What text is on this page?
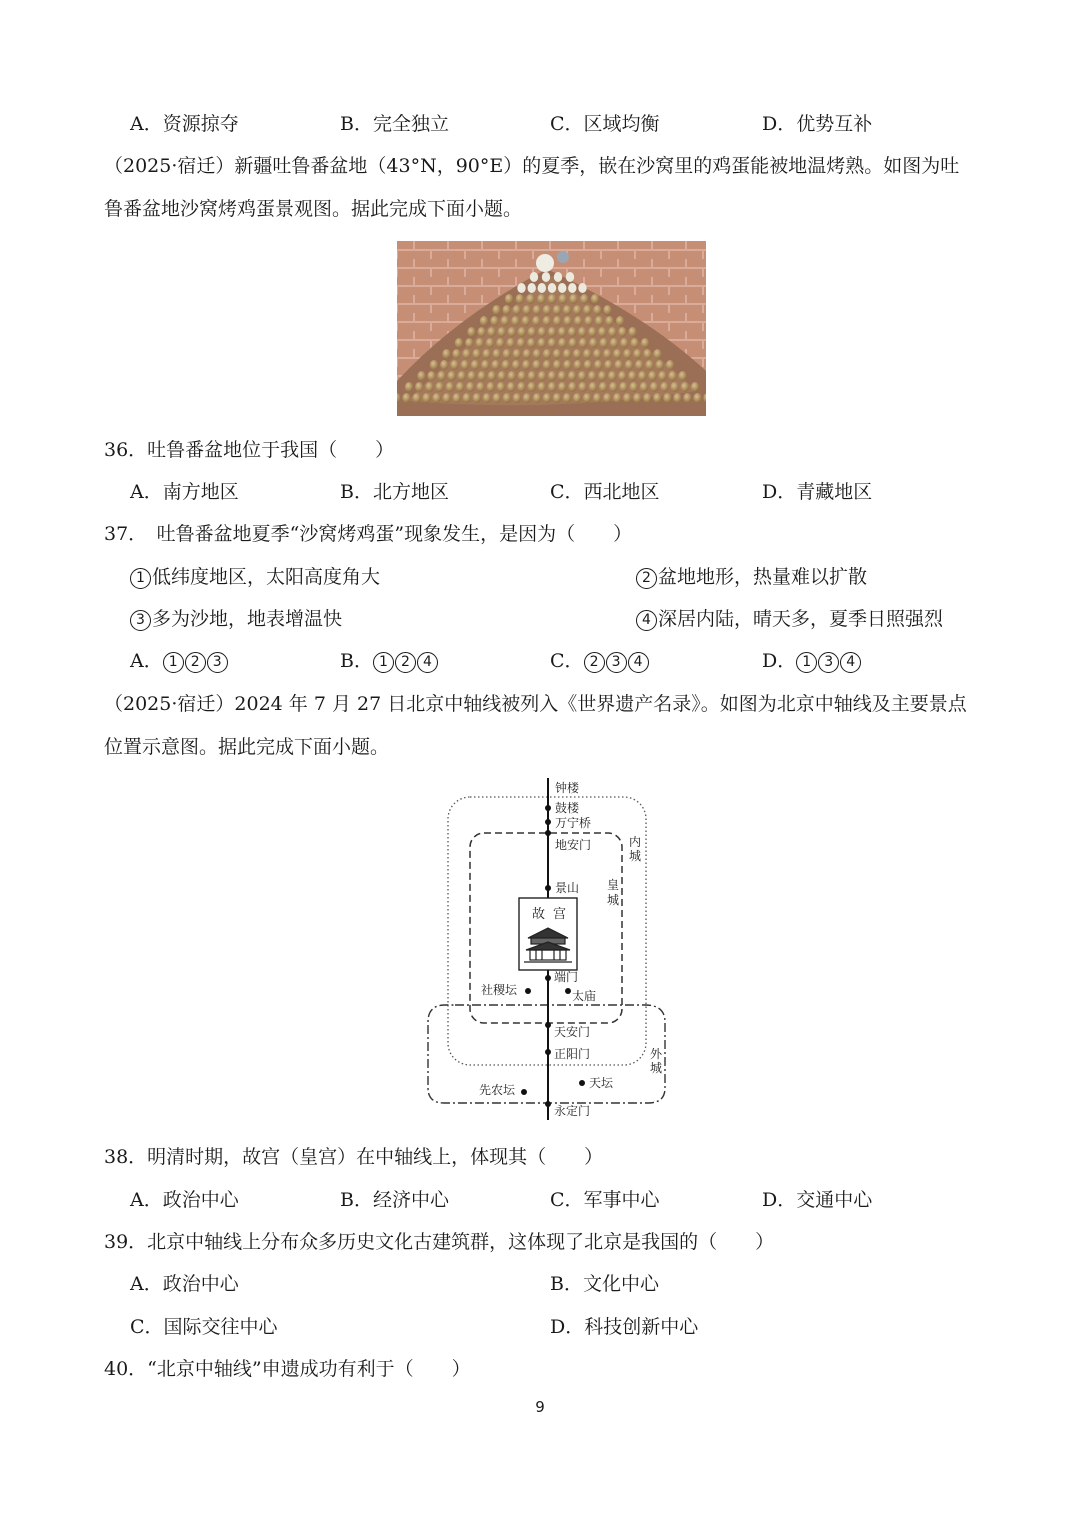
A．资源掠夺	B．完全独立	C．区域均衡	D．优势互补
（2025·宿迁）新疆吐鲁番盆地（43°N，90°E）的夏季，嵌在沙窝里的鸡蛋能被地温烤熟。如图为吐
鲁番盆地沙窝烤鸡蛋景观图。据此完成下面小题。
36．吐鲁番盆地位于我国（　　）
A．南方地区	B．北方地区	C．西北地区	D．青藏地区
37．　吐鲁番盆地夏季“沙窝烤鸡蛋”现象发生，是因为（　　）
1 低纬度地区，太阳高度角大	2 盆地地形，热量难以扩散
3 多为沙地，地表增温快	4 深居内陆，晴天多，夏季日照强烈
A． 1 2 3	B． 1 2 4	C． 2 3 4	D． 1 3 4
（2025·宿迁）2024 年 7 月 27 日北京中轴线被列入《世界遗产名录》。如图为北京中轴线及主要景点
位置示意图。据此完成下面小题。
钟楼
鼓楼
万宁桥
地安门
景山
故 宫
端门
社稷坛	太庙
天安门
正阳门
先农坛	天坛
永定门
内
城
皇
城
外
城
38．明清时期，故宫（皇宫）在中轴线上，体现其（　　）
A．政治中心	B．经济中心	C．军事中心	D．交通中心
39．北京中轴线上分布众多历史文化古建筑群，这体现了北京是我国的（　　）
A．政治中心	B．文化中心
C．国际交往中心	D．科技创新中心
40．“北京中轴线”申遗成功有利于（　　）
9
